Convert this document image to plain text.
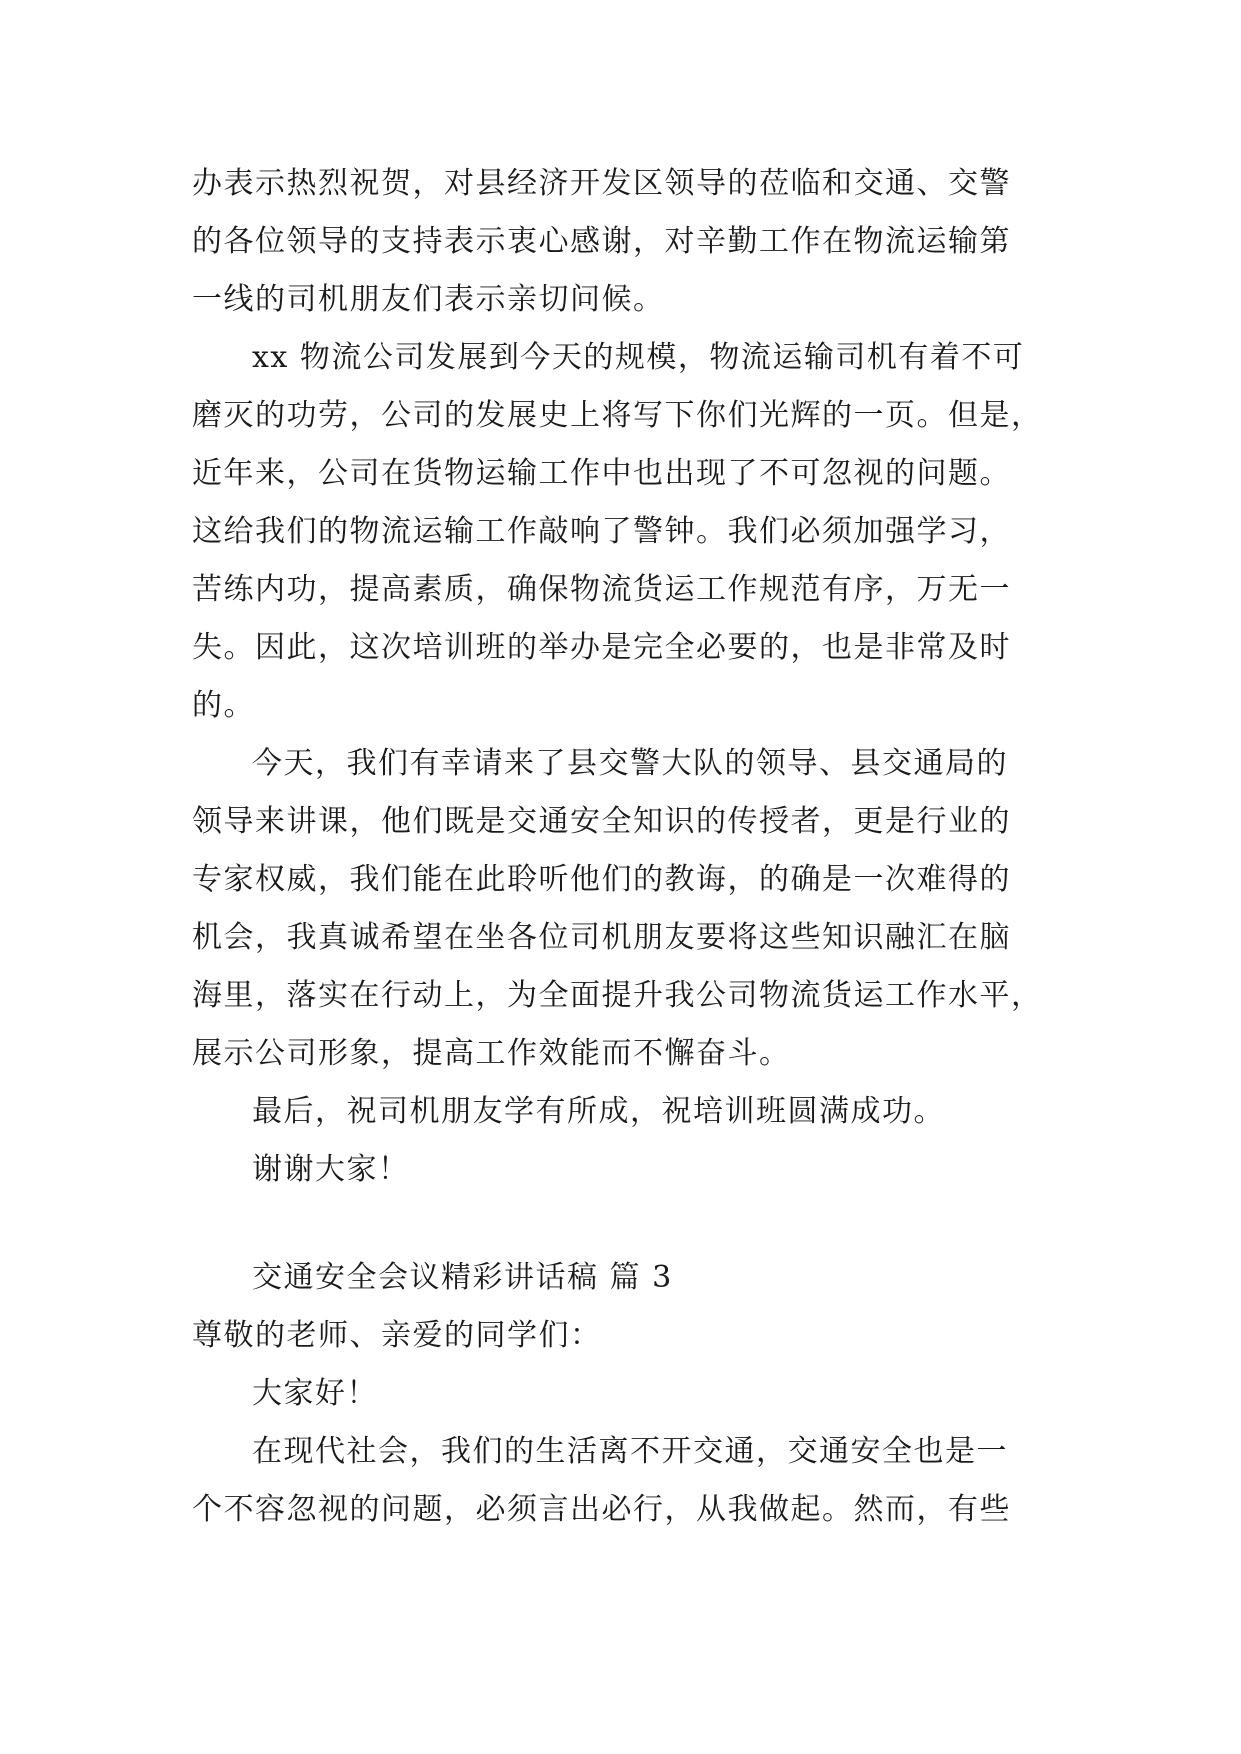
办表示热烈祝贺，对县经济开发区领导的莅临和交通、交警
的各位领导的支持表示衷心感谢，对辛勤工作在物流运输第
一线的司机朋友们表示亲切问候。
xx 物流公司发展到今天的规模，物流运输司机有着不可
磨灭的功劳，公司的发展史上将写下你们光辉的一页。但是，
近年来，公司在货物运输工作中也出现了不可忽视的问题。
这给我们的物流运输工作敲响了警钟。我们必须加强学习，
苦练内功，提高素质，确保物流货运工作规范有序，万无一
失。因此，这次培训班的举办是完全必要的，也是非常及时
的。
今天，我们有幸请来了县交警大队的领导、县交通局的
领导来讲课，他们既是交通安全知识的传授者，更是行业的
专家权威，我们能在此聆听他们的教诲，的确是一次难得的
机会，我真诚希望在坐各位司机朋友要将这些知识融汇在脑
海里，落实在行动上，为全面提升我公司物流货运工作水平，
展示公司形象，提高工作效能而不懈奋斗。
最后，祝司机朋友学有所成，祝培训班圆满成功。
谢谢大家！
交通安全会议精彩讲话稿 篇 3
尊敬的老师、亲爱的同学们：
大家好！
在现代社会，我们的生活离不开交通，交通安全也是一
个不容忽视的问题，必须言出必行，从我做起。然而，有些
